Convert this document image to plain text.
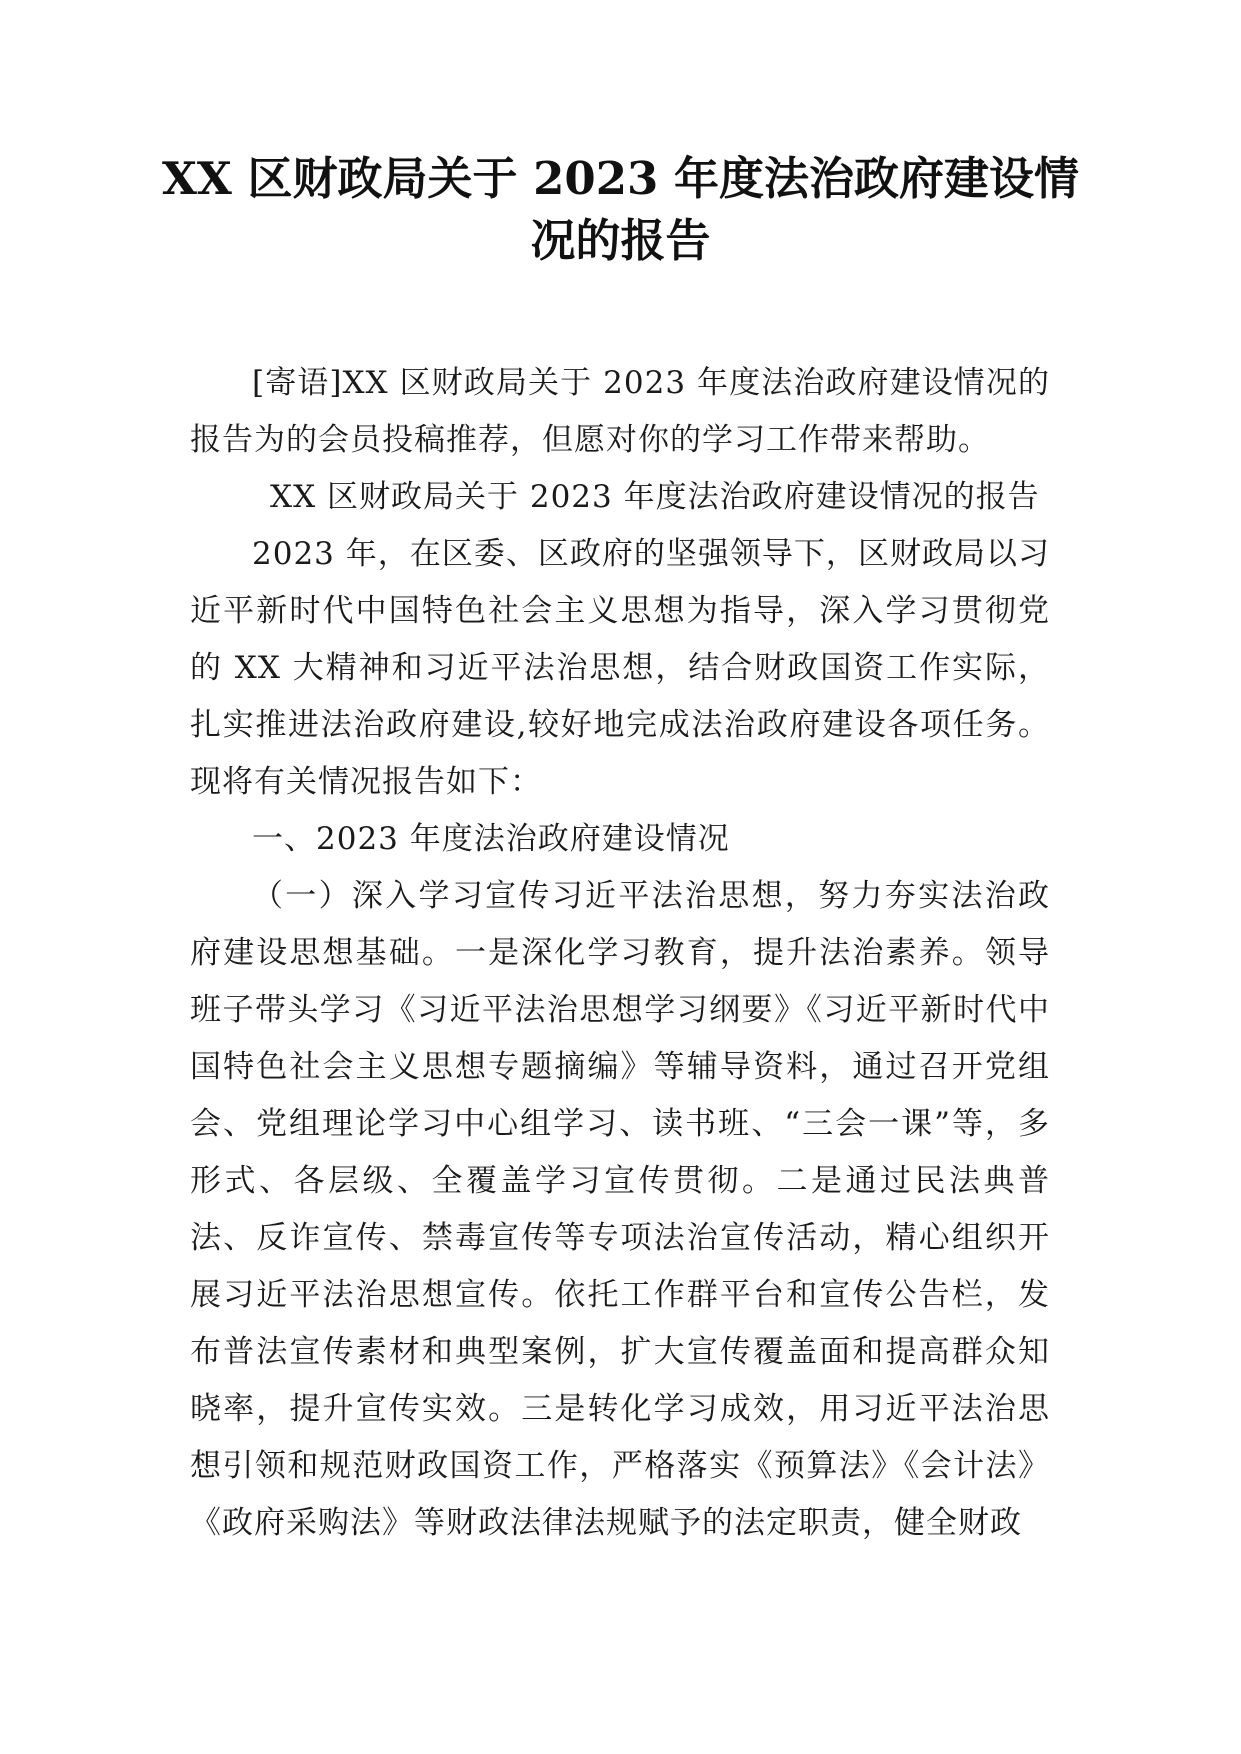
XX 区财政局关于 2023 年度法治政府建设情
况的报告

[寄语]XX 区财政局关于 2023 年度法治政府建设情况的报告为的会员投稿推荐，但愿对你的学习工作带来帮助。

XX 区财政局关于 2023 年度法治政府建设情况的报告

2023 年，在区委、区政府的坚强领导下，区财政局以习近平新时代中国特色社会主义思想为指导，深入学习贯彻党的 XX 大精神和习近平法治思想，结合财政国资工作实际，扎实推进法治政府建设,较好地完成法治政府建设各项任务。现将有关情况报告如下：

一、2023 年度法治政府建设情况

（一）深入学习宣传习近平法治思想，努力夯实法治政府建设思想基础。一是深化学习教育，提升法治素养。领导班子带头学习《习近平法治思想学习纲要》《习近平新时代中国特色社会主义思想专题摘编》等辅导资料，通过召开党组会、党组理论学习中心组学习、读书班、“三会一课”等，多形式、各层级、全覆盖学习宣传贯彻。二是通过民法典普法、反诈宣传、禁毒宣传等专项法治宣传活动，精心组织开展习近平法治思想宣传。依托工作群平台和宣传公告栏，发布普法宣传素材和典型案例，扩大宣传覆盖面和提高群众知晓率，提升宣传实效。三是转化学习成效，用习近平法治思想引领和规范财政国资工作，严格落实《预算法》《会计法》《政府采购法》等财政法律法规赋予的法定职责，健全财政
